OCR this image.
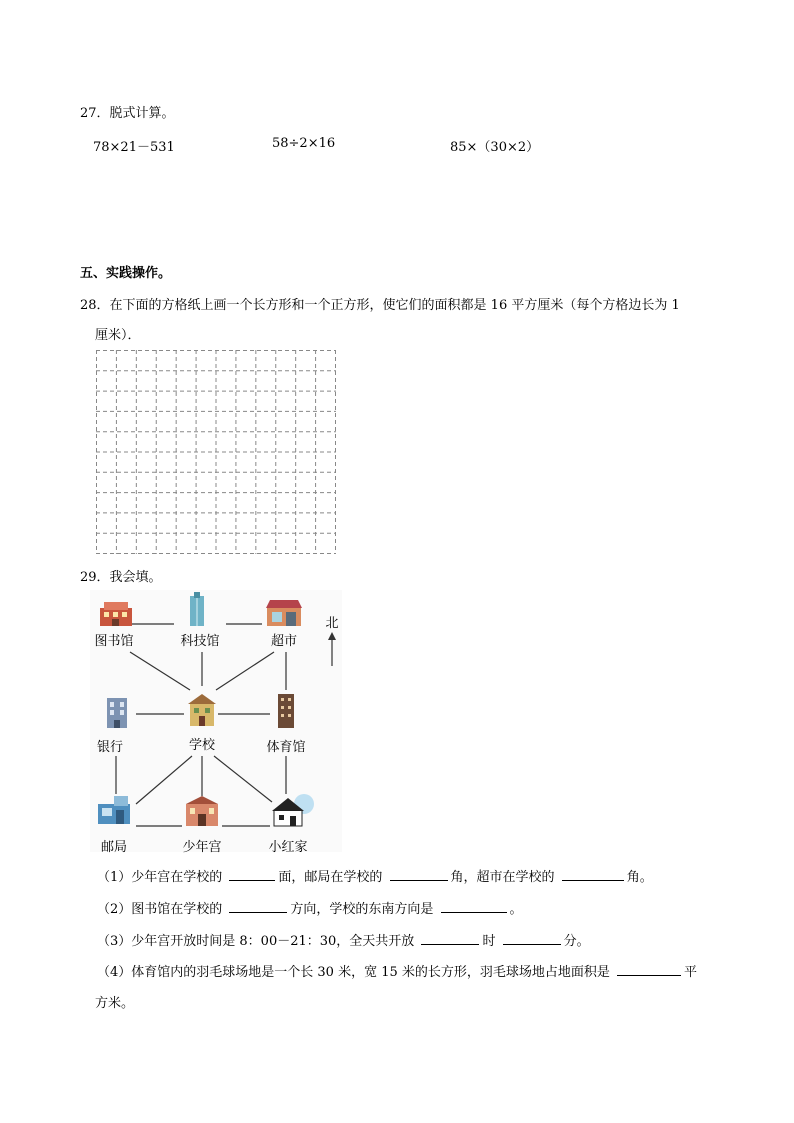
27．脱式计算。
78×21－531	58÷2×16	85×（30×2）
五、实践操作。
28．在下面的方格纸上画一个长方形和一个正方形，使它们的面积都是 16 平方厘米（每个方格边长为 1
厘米）．
29．我会填。
图书馆	科技馆	超市
银行	学校	体育馆
邮局	少年宫	小红家
北
（1）少年宫在学校的	面，邮局在学校的	角，超市在学校的	角。
（2）图书馆在学校的	方向，学校的东南方向是	。
（3）少年宫开放时间是 8：00－21：30，全天共开放	时	分。
（4）体育馆内的羽毛球场地是一个长 30 米，宽 15 米的长方形，羽毛球场地占地面积是	平
方米。
